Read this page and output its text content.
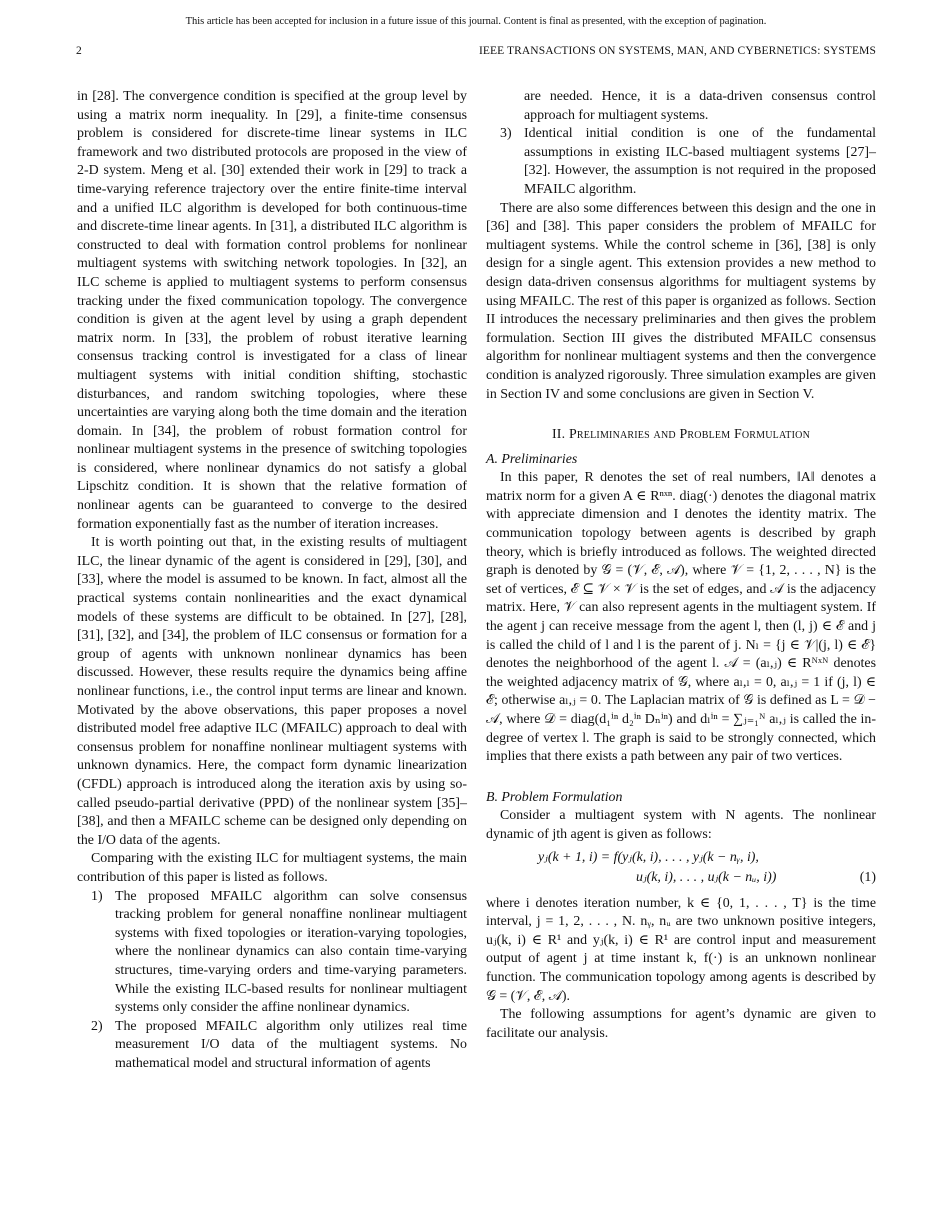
This article has been accepted for inclusion in a future issue of this journal. Content is final as presented, with the exception of pagination.
2	IEEE TRANSACTIONS ON SYSTEMS, MAN, AND CYBERNETICS: SYSTEMS

in [28]. The convergence condition is specified at the group level by using a matrix norm inequality. In [29], a finite-time consensus problem is considered for discrete-time linear systems in ILC framework and two distributed protocols are proposed in the view of 2-D system. Meng et al. [30] extended their work in [29] to track a time-varying reference trajectory over the entire finite-time interval and a unified ILC algorithm is developed for both continuous-time and discrete-time linear agents. In [31], a distributed ILC algorithm is constructed to deal with formation control problems for nonlinear multiagent systems with switching network topologies. In [32], an ILC scheme is applied to multiagent systems to perform consensus tracking under the fixed communication topology. The convergence condition is given at the agent level by using a graph dependent matrix norm. In [33], the problem of robust iterative learning consensus tracking control is investigated for a class of linear multiagent systems with initial condition shifting, stochastic disturbances, and random switching topologies, where these uncertainties are varying along both the time domain and the iteration domain. In [34], the problem of robust formation control for nonlinear multiagent systems in the presence of switching topologies is considered, where nonlinear dynamics do not satisfy a global Lipschitz condition. It is shown that the relative formation of nonlinear agents can be guaranteed to converge to the desired formation exponentially fast as the number of iteration increases.

It is worth pointing out that, in the existing results of multiagent ILC, the linear dynamic of the agent is considered in [29], [30], and [33], where the model is assumed to be known. In fact, almost all the practical systems contain nonlinearities and the exact dynamical models of these systems are difficult to be obtained. In [27], [28], [31], [32], and [34], the problem of ILC consensus or formation for a group of agents with unknown nonlinear dynamics has been discussed. However, these results require the dynamics being affine nonlinear functions, i.e., the control input terms are linear and known. Motivated by the above observations, this paper proposes a novel distributed model free adaptive ILC (MFAILC) approach to deal with consensus problem for nonaffine nonlinear multiagent systems with unknown dynamics. Here, the compact form dynamic linearization (CFDL) approach is introduced along the iteration axis by using so-called pseudo-partial derivative (PPD) of the nonlinear system [35]–[38], and then a MFAILC scheme can be designed only depending on the I/O data of the agents.

Comparing with the existing ILC for multiagent systems, the main contribution of this paper is listed as follows.

1) The proposed MFAILC algorithm can solve consensus tracking problem for general nonaffine nonlinear multiagent systems with fixed topologies or iteration-varying topologies, where the nonlinear dynamics can also contain time-varying structures, time-varying orders and time-varying parameters. While the existing ILC-based results for nonlinear multiagent systems only consider the affine nonlinear dynamics.
2) The proposed MFAILC algorithm only utilizes real time measurement I/O data of the multiagent systems. No mathematical model and structural information of agents
are needed. Hence, it is a data-driven consensus control approach for multiagent systems.
3) Identical initial condition is one of the fundamental assumptions in existing ILC-based multiagent systems [27]–[32]. However, the assumption is not required in the proposed MFAILC algorithm.

There are also some differences between this design and the one in [36] and [38]. This paper considers the problem of MFAILC for multiagent systems. While the control scheme in [36], [38] is only design for a single agent. This extension provides a new method to design data-driven consensus algorithms for multiagent systems by using MFAILC. The rest of this paper is organized as follows. Section II introduces the necessary preliminaries and then gives the problem formulation. Section III gives the distributed MFAILC consensus algorithm for nonlinear multiagent systems and then the convergence condition is analyzed rigorously. Three simulation examples are given in Section IV and some conclusions are given in Section V.

II. Preliminaries and Problem Formulation
A. Preliminaries

In this paper, R denotes the set of real numbers, ‖A‖ denotes a matrix norm for a given A ∈ Rⁿˣⁿ. diag(·) denotes the diagonal matrix with appreciate dimension and I denotes the identity matrix. The communication topology between agents is described by graph theory, which is briefly introduced as follows. The weighted directed graph is denoted by 𝒢 = (𝒱, ℰ, 𝒜), where 𝒱 = {1, 2, . . . , N} is the set of vertices, ℰ ⊆ 𝒱 × 𝒱 is the set of edges, and 𝒜 is the adjacency matrix. Here, 𝒱 can also represent agents in the multiagent system. If the agent j can receive message from the agent l, then (l, j) ∈ ℰ and j is called the child of l and l is the parent of j. Nₗ = {j ∈ 𝒱|(j, l) ∈ ℰ} denotes the neighborhood of the agent l. 𝒜 = (aₗ,ⱼ) ∈ Rᴺˣᴺ denotes the weighted adjacency matrix of 𝒢, where aₗ,ₗ = 0, aₗ,ⱼ = 1 if (j, l) ∈ ℰ; otherwise aₗ,ⱼ = 0. The Laplacian matrix of 𝒢 is defined as L = 𝒟 − 𝒜, where 𝒟 = diag(d₁ⁱⁿ d₂ⁱⁿ Dₙⁱⁿ) and dₗⁱⁿ = ∑ⱼ₌₁ᴺ aₗ,ⱼ is called the in-degree of vertex l. The graph is said to be strongly connected, which implies that there exists a path between any pair of two vertices.

B. Problem Formulation

Consider a multiagent system with N agents. The nonlinear dynamic of jth agent is given as follows:

yⱼ(k + 1, i) = f(yⱼ(k, i), . . . , yⱼ(k − nᵧ, i),
uⱼ(k, i), . . . , uⱼ(k − nᵤ, i))	(1)

where i denotes iteration number, k ∈ {0, 1, . . . , T} is the time interval, j = 1, 2, . . . , N. nᵧ, nᵤ are two unknown positive integers, uⱼ(k, i) ∈ R¹ and yⱼ(k, i) ∈ R¹ are control input and measurement output of agent j at time instant k, f(·) is an unknown nonlinear function. The communication topology among agents is described by 𝒢 = (𝒱, ℰ, 𝒜).

The following assumptions for agent’s dynamic are given to facilitate our analysis.
